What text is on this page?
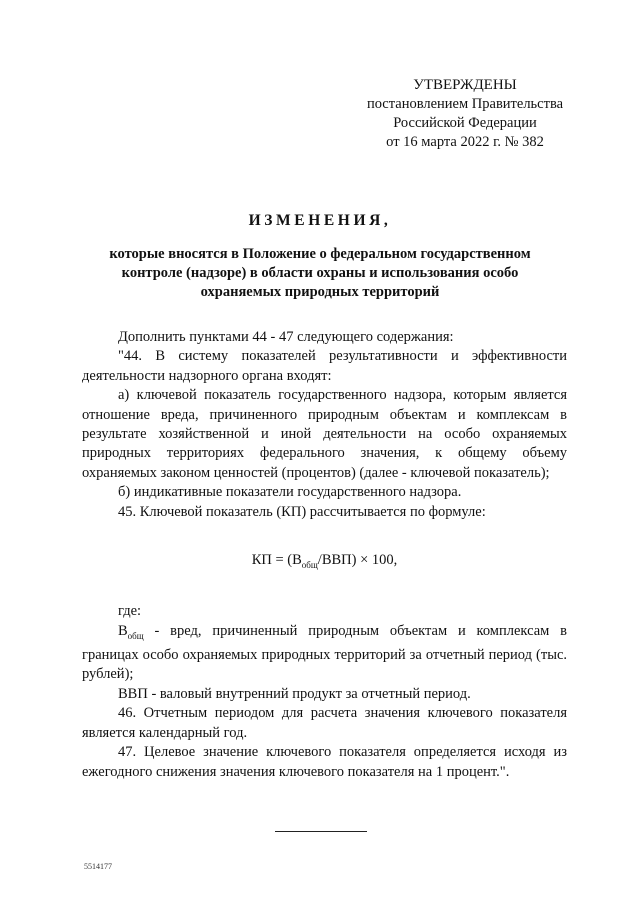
УТВЕРЖДЕНЫ
постановлением Правительства
Российской Федерации
от 16 марта 2022 г. № 382
ИЗМЕНЕНИЯ,
которые вносятся в Положение о федеральном государственном
контроле (надзоре) в области охраны и использования особо
охраняемых природных территорий

Дополнить пунктами 44 - 47 следующего содержания:

"44. В систему показателей результативности и эффективности деятельности надзорного органа входят:

а) ключевой показатель государственного надзора, которым является отношение вреда, причиненного природным объектам и комплексам в результате хозяйственной и иной деятельности на особо охраняемых природных территориях федерального значения, к общему объему охраняемых законом ценностей (процентов) (далее - ключевой показатель);

б) индикативные показатели государственного надзора.

45. Ключевой показатель (КП) рассчитывается по формуле:

КП = $(В_{общ}/ВВП) \times 100$,

где:

$В_{общ}$ - вред, причиненный природным объектам и комплексам в границах особо охраняемых природных территорий за отчетный период (тыс. рублей);

ВВП - валовый внутренний продукт за отчетный период.

46. Отчетным периодом для расчета значения ключевого показателя является календарный год.

47. Целевое значение ключевого показателя определяется исходя из ежегодного снижения значения ключевого показателя на 1 процент.".

5514177
